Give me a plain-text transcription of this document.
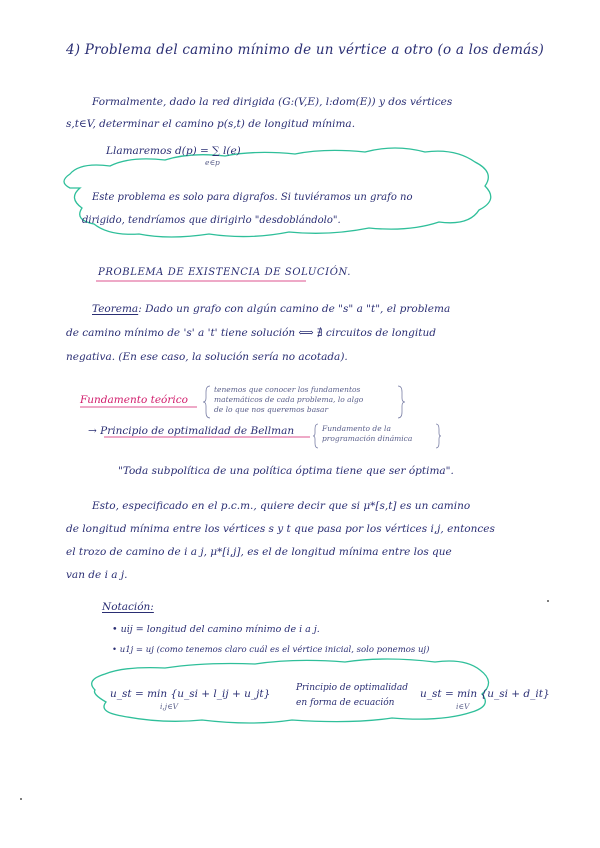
4) Problema del camino mínimo de un vértice a otro (o a los demás)
Formalmente, dado la red dirigida (G:(V,E), l:dom(E)) y dos vértices
s,t∈V, determinar el camino p(s,t) de longitud mínima.
Llamaremos d(p) = ∑ l(e)
e∈p
Este problema es solo para digrafos. Si tuviéramos un grafo no
dirigido, tendríamos que dirigirlo "desdoblándolo".
PROBLEMA DE EXISTENCIA DE SOLUCIÓN.
Teorema: Dado un grafo con algún camino de "s" a "t", el problema
de camino mínimo de 's' a 't' tiene solución ⟺ ∄ circuitos de longitud
negativa. (En ese caso, la solución sería no acotada).
Fundamento teórico
tenemos que conocer los fundamentos
matemáticos de cada problema, lo algo
de lo que nos queremos basar
→ Principio de optimalidad de Bellman	Fundamento de la
programación dinámica
"Toda subpolítica de una política óptima tiene que ser óptima".
Esto, especificado en el p.c.m., quiere decir que si μ*[s,t] es un camino
de longitud mínima entre los vértices s y t que pasa por los vértices i,j, entonces
el trozo de camino de i a j, μ*[i,j], es el de longitud mínima entre los que
van de i a j.
Notación:
• uij = longitud del camino mínimo de i a j.
• u1j = uj (como tenemos claro cuál es el vértice inicial, solo ponemos uj)
u_st = min {u_si + l_ij + u_jt}
i,j∈V
Principio de optimalidad
en forma de ecuación
u_st = min {u_si + d_it}
i∈V
